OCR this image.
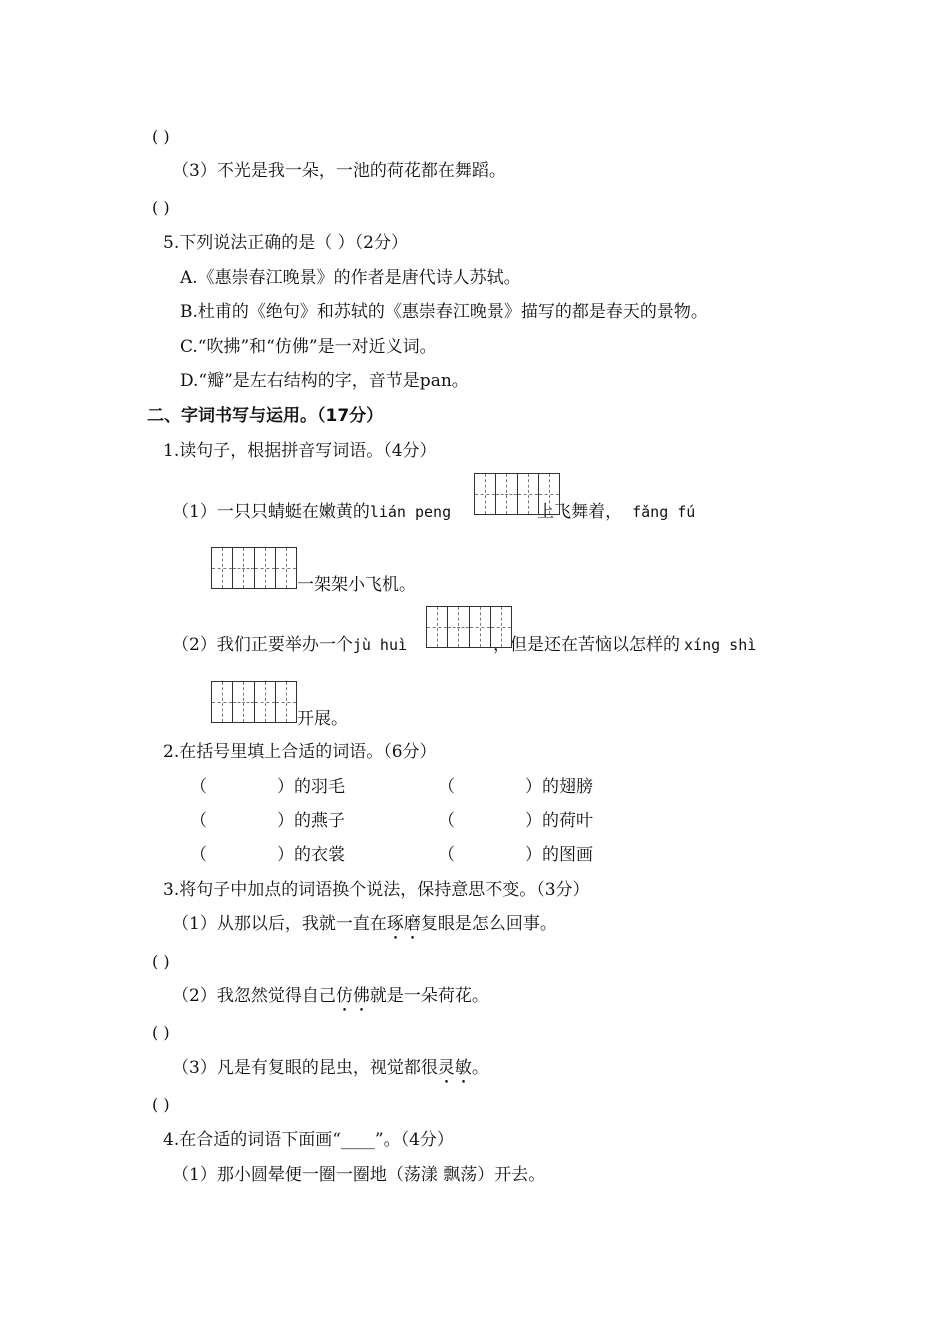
( )
（3）不光是我一朵，一池的荷花都在舞蹈。
( )
5.下列说法正确的是（ ）（2分）
A.《惠崇春江晚景》的作者是唐代诗人苏轼。
B.杜甫的《绝句》和苏轼的《惠崇春江晚景》描写的都是春天的景物。
C.“吹拂”和“仿佛”是一对近义词。
D.“瓣”是左右结构的字，音节是pan。
二、字词书写与运用。（17分）
1.读句子，根据拼音写词语。（4分）
（1）一只只蜻蜓在嫩黄的lián peng	上飞舞着， fǎng fú
一架架小飞机。
（2）我们正要举办一个jù huì	，但是还在苦恼以怎样的 xíng shì
开展。
2.在括号里填上合适的词语。（6分）
（	）的羽毛	（	）的翅膀
（	）的燕子	（	）的荷叶
（	）的衣裳	（	）的图画
3.将句子中加点的词语换个说法，保持意思不变。（3分）
（1）从那以后，我就一直在琢磨复眼是怎么回事。
( )
（2）我忽然觉得自己仿佛就是一朵荷花。
( )
（3）凡是有复眼的昆虫，视觉都很灵敏。
( )
4.在合适的词语下面画“____”。（4分）
（1）那小圆晕便一圈一圈地（荡漾 飘荡）开去。
